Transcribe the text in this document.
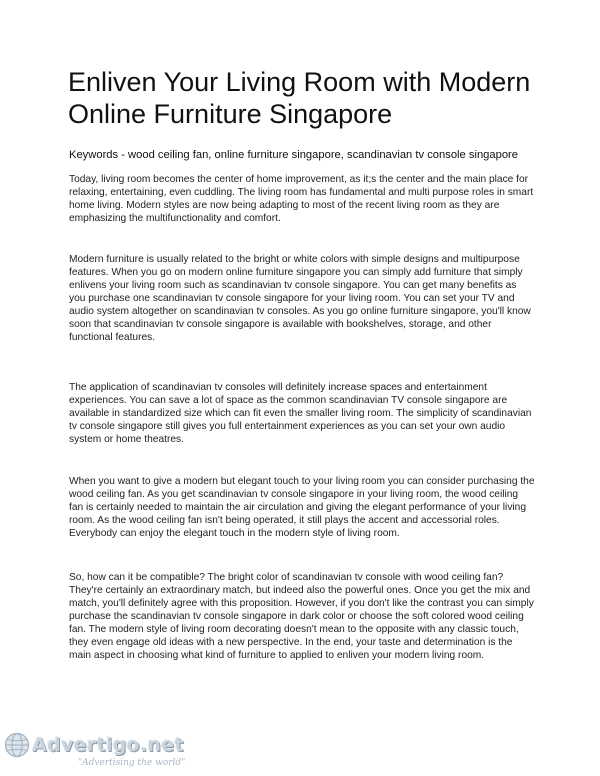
Enliven Your Living Room with Modern Online Furniture Singapore

Keywords - wood ceiling fan, online furniture singapore, scandinavian tv console singapore

Today, living room becomes the center of home improvement, as it;s the center and the main place for relaxing, entertaining, even cuddling. The living room has fundamental and multi purpose roles in smart home living. Modern styles are now being adapting to most of the recent living room as they are emphasizing the multifunctionality and comfort.

Modern furniture is usually related to the bright or white colors with simple designs and multipurpose features. When you go on modern online furniture singapore you can simply add furniture that simply enlivens your living room such as scandinavian tv console singapore. You can get many benefits as you purchase one scandinavian tv console singapore for your living room. You can set your TV and audio system altogether on scandinavian tv consoles. As you go online furniture singapore, you'll know soon that scandinavian tv console singapore is available with bookshelves, storage, and other functional features.

The application of scandinavian tv consoles will definitely increase spaces and entertainment experiences. You can save a lot of space as the common scandinavian TV console singapore are available in standardized size which can fit even the smaller living room. The simplicity of scandinavian tv console singapore still gives you full entertainment experiences as you can set your own audio system or home theatres.

When you want to give a modern but elegant touch to your living room you can consider purchasing the wood ceiling fan. As you get scandinavian tv console singapore in your living room, the wood ceiling fan is certainly needed to maintain the air circulation and giving the elegant performance of your living room. As the wood ceiling fan isn't being operated, it still plays the accent and accessorial roles. Everybody can enjoy the elegant touch in the modern style of living room.

So, how can it be compatible? The bright color of scandinavian tv console with wood ceiling fan? They're certainly an extraordinary match, but indeed also the powerful ones. Once you get the mix and match, you'll definitely agree with this proposition. However, if you don't like the contrast you can simply purchase the scandinavian tv console singapore in dark color or choose the soft colored wood ceiling fan. The modern style of living room decorating doesn't mean to the opposite with any classic touch, they even engage old ideas with a new perspective. In the end, your taste and determination is the main aspect in choosing what kind of furniture to applied to enliven your modern living room.

Advertigo.net
"Advertising the world"
